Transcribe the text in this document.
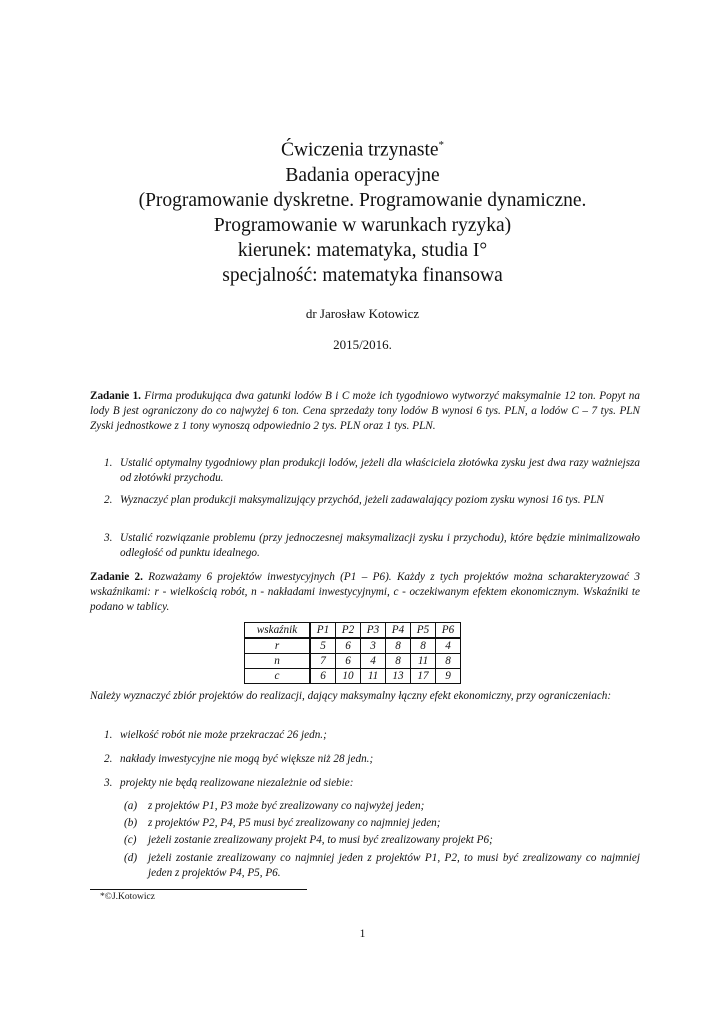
Ćwiczenia trzynaste*
Badania operacyjne
(Programowanie dyskretne. Programowanie dynamiczne.
Programowanie w warunkach ryzyka)
kierunek: matematyka, studia I°
specjalność: matematyka finansowa
dr Jarosław Kotowicz
2015/2016.
Zadanie 1. Firma produkująca dwa gatunki lodów B i C może ich tygodniowo wytworzyć maksymalnie 12 ton. Popyt na lody B jest ograniczony do co najwyżej 6 ton. Cena sprzedaży tony lodów B wynosi 6 tys. PLN, a lodów C – 7 tys. PLN Zyski jednostkowe z 1 tony wynoszą odpowiednio 2 tys. PLN oraz 1 tys. PLN.
1. Ustalić optymalny tygodniowy plan produkcji lodów, jeżeli dla właściciela złotówka zysku jest dwa razy ważniejsza od złotówki przychodu.
2. Wyznaczyć plan produkcji maksymalizujący przychód, jeżeli zadawalający poziom zysku wynosi 16 tys. PLN
3. Ustalić rozwiązanie problemu (przy jednoczesnej maksymalizacji zysku i przychodu), które będzie minimalizowało odległość od punktu idealnego.
Zadanie 2. Rozważamy 6 projektów inwestycyjnych (P1 – P6). Każdy z tych projektów można scharakteryzować 3 wskaźnikami: r - wielkością robót, n - nakładami inwestycyjnymi, c - oczekiwanym efektem ekonomicznym. Wskaźniki te podano w tablicy.
wskaźnik	P1	P2	P3	P4	P5	P6
r	5	6	3	8	8	4
n	7	6	4	8	11	8
c	6	10	11	13	17	9
Należy wyznaczyć zbiór projektów do realizacji, dający maksymalny łączny efekt ekonomiczny, przy ograniczeniach:
1. wielkość robót nie może przekraczać 26 jedn.;
2. nakłady inwestycyjne nie mogą być większe niż 28 jedn.;
3. projekty nie będą realizowane niezależnie od siebie:
(a) z projektów P1, P3 może być zrealizowany co najwyżej jeden;
(b) z projektów P2, P4, P5 musi być zrealizowany co najmniej jeden;
(c) jeżeli zostanie zrealizowany projekt P4, to musi być zrealizowany projekt P6;
(d) jeżeli zostanie zrealizowany co najmniej jeden z projektów P1, P2, to musi być zrealizowany co najmniej jeden z projektów P4, P5, P6.
*©J.Kotowicz
1
